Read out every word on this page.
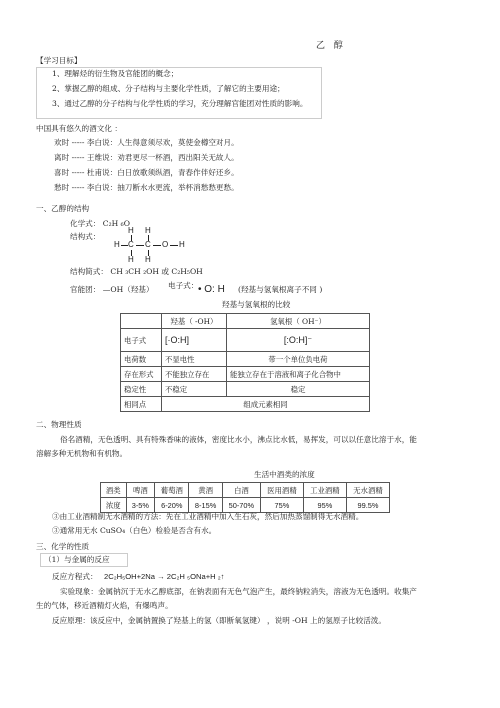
乙 醇
【学习目标】
1、理解烃的衍生物及官能团的概念；
2、掌握乙醇的组成、分子结构与主要化学性质，了解它的主要用途；
3、通过乙醇的分子结构与化学性质的学习，充分理解官能团对性质的影响。
中国具有悠久的酒文化 ：
欢时 ----- 李白说：人生得意须尽欢，莫使金樽空对月。
离时 ----- 王维说：劝君更尽一杯酒，西出阳关无故人。
喜时 ----- 杜甫说：白日放歌须纵酒，青春作伴好还乡。
愁时 ----- 李白说：抽刀断水水更流，举杯消愁愁更愁。
一、乙醇的结构
化学式： C₂H ₆O
结构式：
H H
H C C O H
H H
结构简式： CH ₃CH ₂OH 或 C₂H₅OH
官能团： —OH（羟基） 电子式： • O: H (羟基与氢氧根离子不同 )
羟基与氢氧根的比较
	羟基（ -OH）	氢氧根（ OH⁻）
电子式	[·O:H]	[:O:H]⁻
电荷数	不显电性	带一个单位负电荷
存在形式	不能独立存在	能独立存在于溶液和离子化合物中
稳定性	不稳定	稳定
相同点	组成元素相同	
二、物理性质
俗名酒精，无色透明、具有特殊香味的液体，密度比水小，沸点比水低，易挥发，可以以任意比溶于水，能
溶解多种无机物和有机物。
生活中酒类的浓度
酒类	啤酒	葡萄酒	黄酒	白酒	医用酒精	工业酒精	无水酒精
浓度	3-5%	6-20%	8-15%	50-70%	75%	95%	99.5%
③由工业酒精制无水酒精的方法：先在工业酒精中加入生石灰，然后加热蒸馏制得无水酒精。
③通常用无水 CuSO₄（白色）检验是否含有水。
三、化学的性质
（1）与金属的反应
反应方程式： 2C₂H₅OH+2Na → 2C₂H ₅ONa+H ₂↑
实验现象：金属钠沉于无水乙醇底部，在钠表面有无色气泡产生，最终钠粒消失，溶液为无色透明。收集产
生的气体，移近酒精灯火焰，有爆鸣声。
反应原理：该反应中，金属钠置换了羟基上的氢（即断氧氢键） ，说明 -OH 上的氢原子比较活泼。
